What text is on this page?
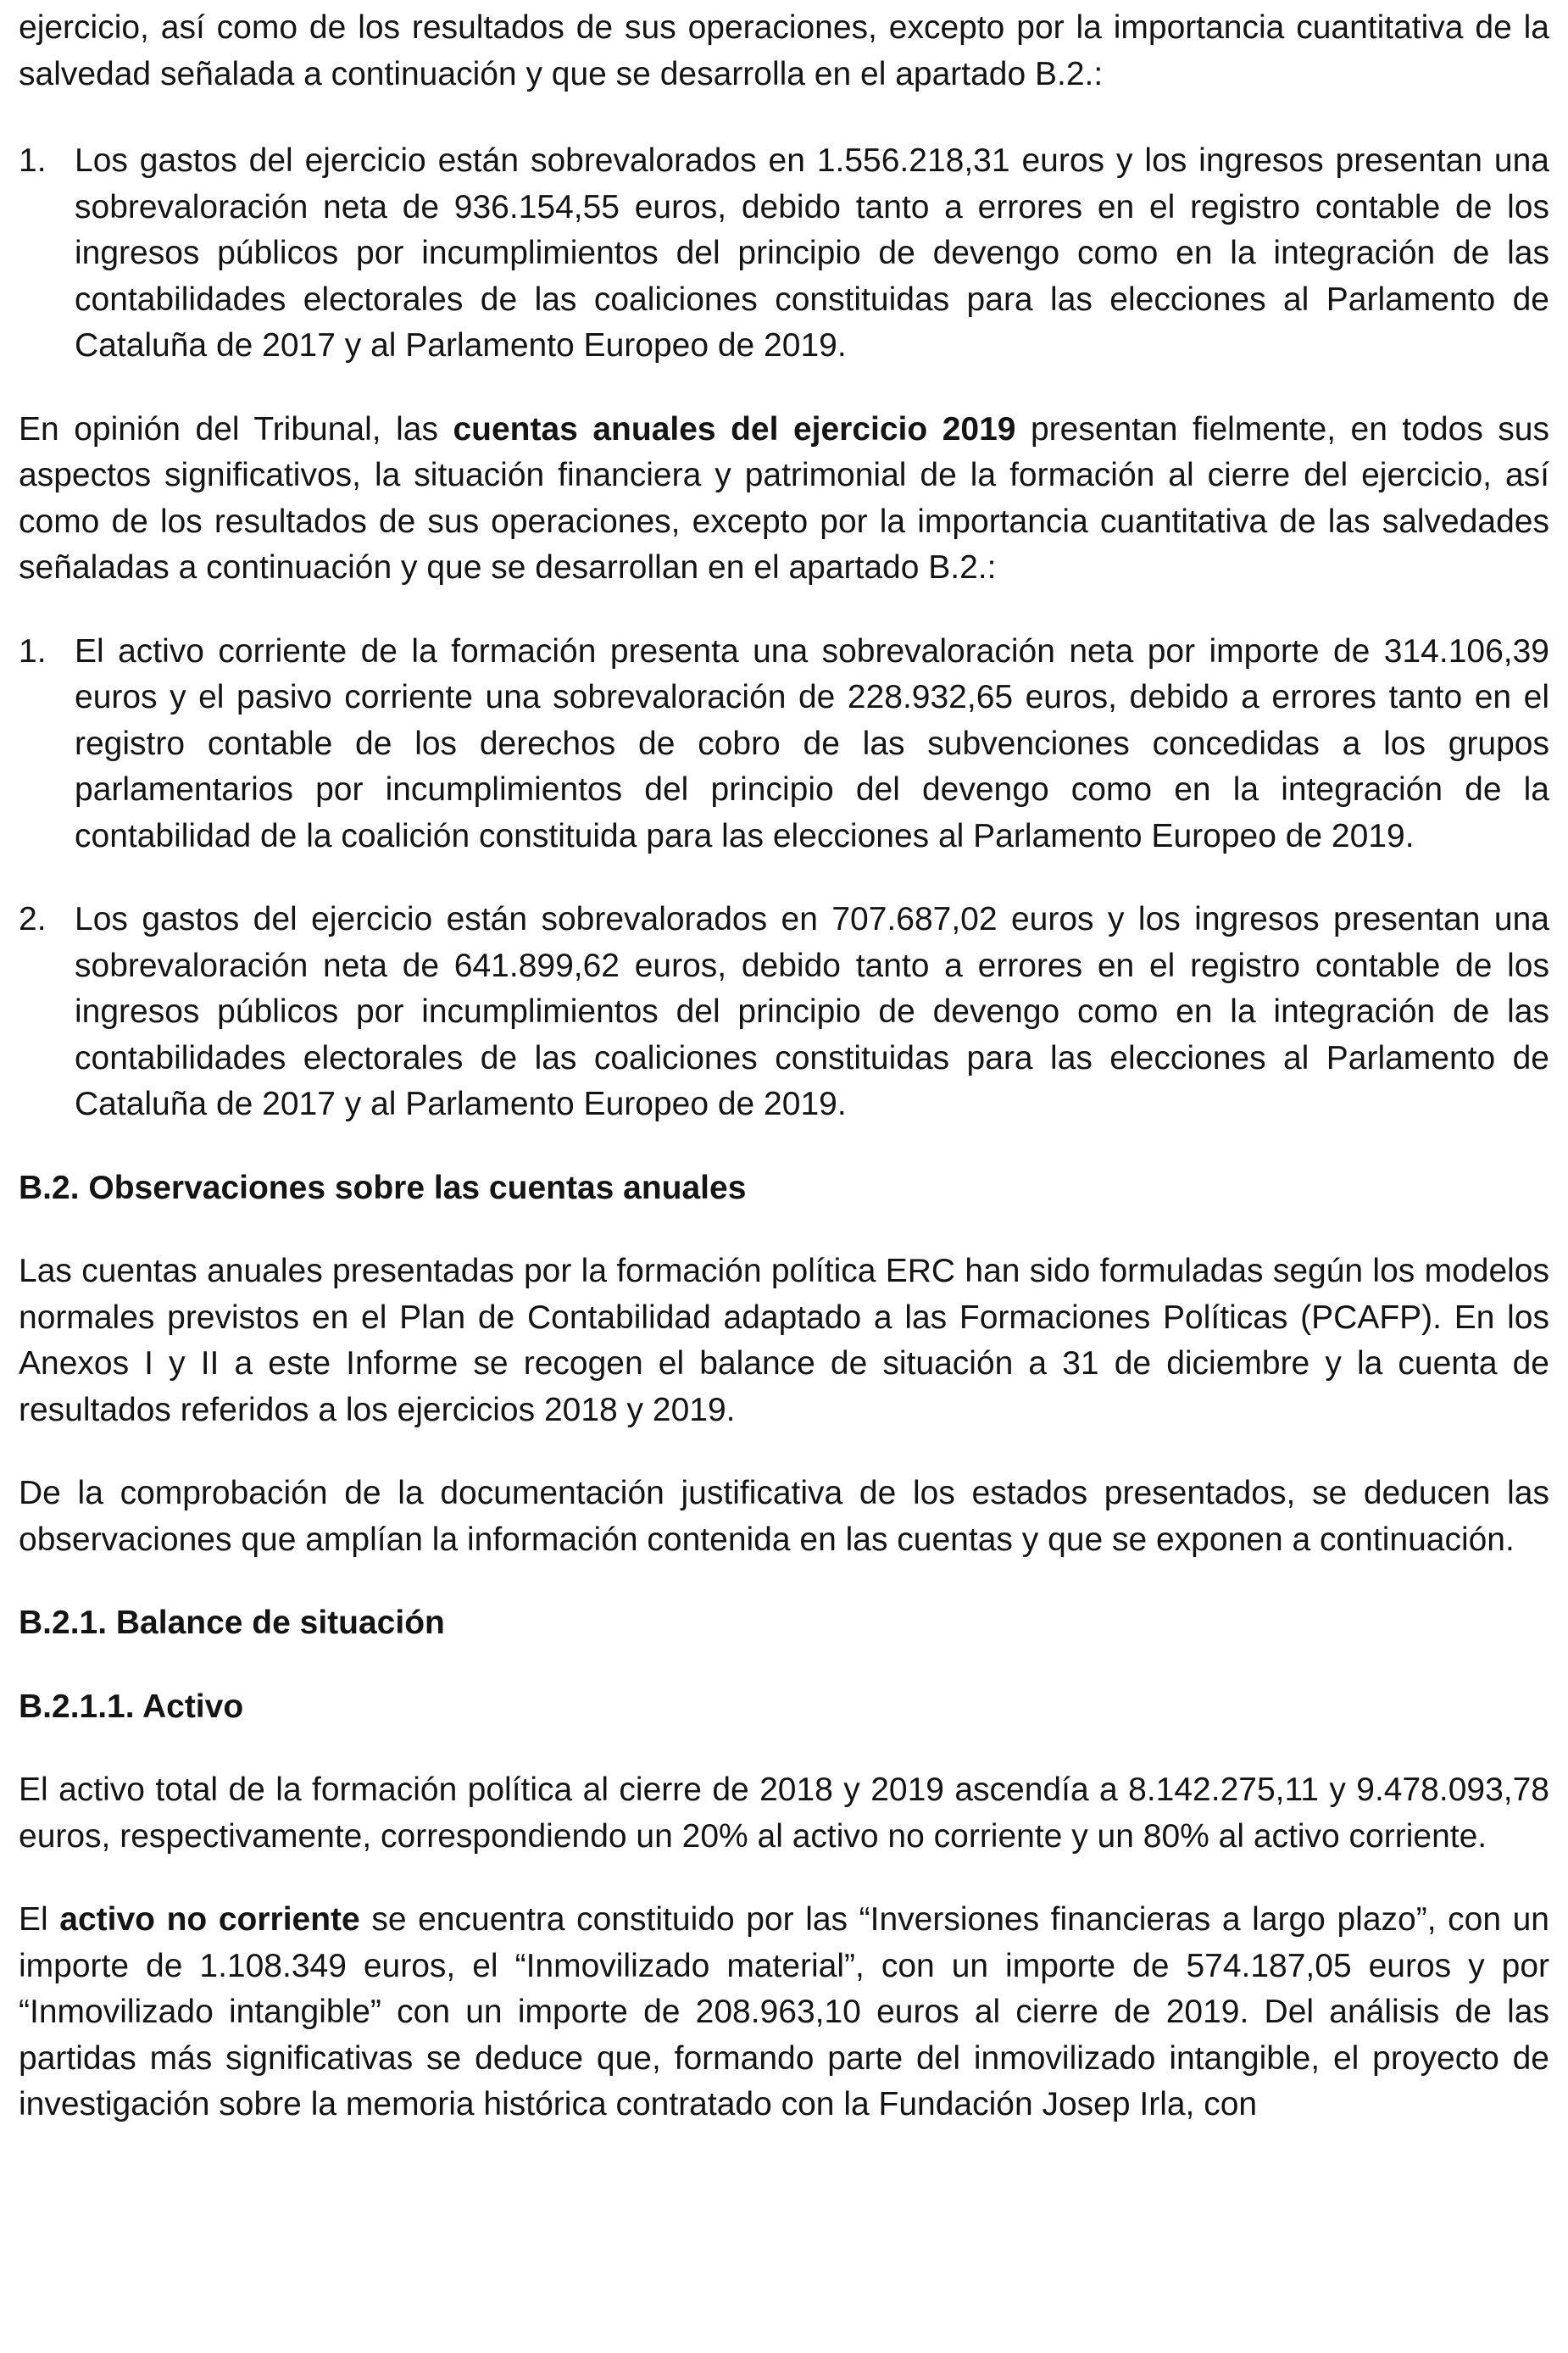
ejercicio, así como de los resultados de sus operaciones, excepto por la importancia cuantitativa de la salvedad señalada a continuación y que se desarrolla en el apartado B.2.:

1. Los gastos del ejercicio están sobrevalorados en 1.556.218,31 euros y los ingresos presentan una sobrevaloración neta de 936.154,55 euros, debido tanto a errores en el registro contable de los ingresos públicos por incumplimientos del principio de devengo como en la integración de las contabilidades electorales de las coaliciones constituidas para las elecciones al Parlamento de Cataluña de 2017 y al Parlamento Europeo de 2019.

En opinión del Tribunal, las cuentas anuales del ejercicio 2019 presentan fielmente, en todos sus aspectos significativos, la situación financiera y patrimonial de la formación al cierre del ejercicio, así como de los resultados de sus operaciones, excepto por la importancia cuantitativa de las salvedades señaladas a continuación y que se desarrollan en el apartado B.2.:

1. El activo corriente de la formación presenta una sobrevaloración neta por importe de 314.106,39 euros y el pasivo corriente una sobrevaloración de 228.932,65 euros, debido a errores tanto en el registro contable de los derechos de cobro de las subvenciones concedidas a los grupos parlamentarios por incumplimientos del principio del devengo como en la integración de la contabilidad de la coalición constituida para las elecciones al Parlamento Europeo de 2019.

2. Los gastos del ejercicio están sobrevalorados en 707.687,02 euros y los ingresos presentan una sobrevaloración neta de 641.899,62 euros, debido tanto a errores en el registro contable de los ingresos públicos por incumplimientos del principio de devengo como en la integración de las contabilidades electorales de las coaliciones constituidas para las elecciones al Parlamento de Cataluña de 2017 y al Parlamento Europeo de 2019.

B.2. Observaciones sobre las cuentas anuales

Las cuentas anuales presentadas por la formación política ERC han sido formuladas según los modelos normales previstos en el Plan de Contabilidad adaptado a las Formaciones Políticas (PCAFP). En los Anexos I y II a este Informe se recogen el balance de situación a 31 de diciembre y la cuenta de resultados referidos a los ejercicios 2018 y 2019.

De la comprobación de la documentación justificativa de los estados presentados, se deducen las observaciones que amplían la información contenida en las cuentas y que se exponen a continuación.

B.2.1. Balance de situación
B.2.1.1. Activo

El activo total de la formación política al cierre de 2018 y 2019 ascendía a 8.142.275,11 y 9.478.093,78 euros, respectivamente, correspondiendo un 20% al activo no corriente y un 80% al activo corriente.

El activo no corriente se encuentra constituido por las “Inversiones financieras a largo plazo”, con un importe de 1.108.349 euros, el “Inmovilizado material”, con un importe de 574.187,05 euros y por “Inmovilizado intangible” con un importe de 208.963,10 euros al cierre de 2019. Del análisis de las partidas más significativas se deduce que, formando parte del inmovilizado intangible, el proyecto de investigación sobre la memoria histórica contratado con la Fundación Josep Irla, con
